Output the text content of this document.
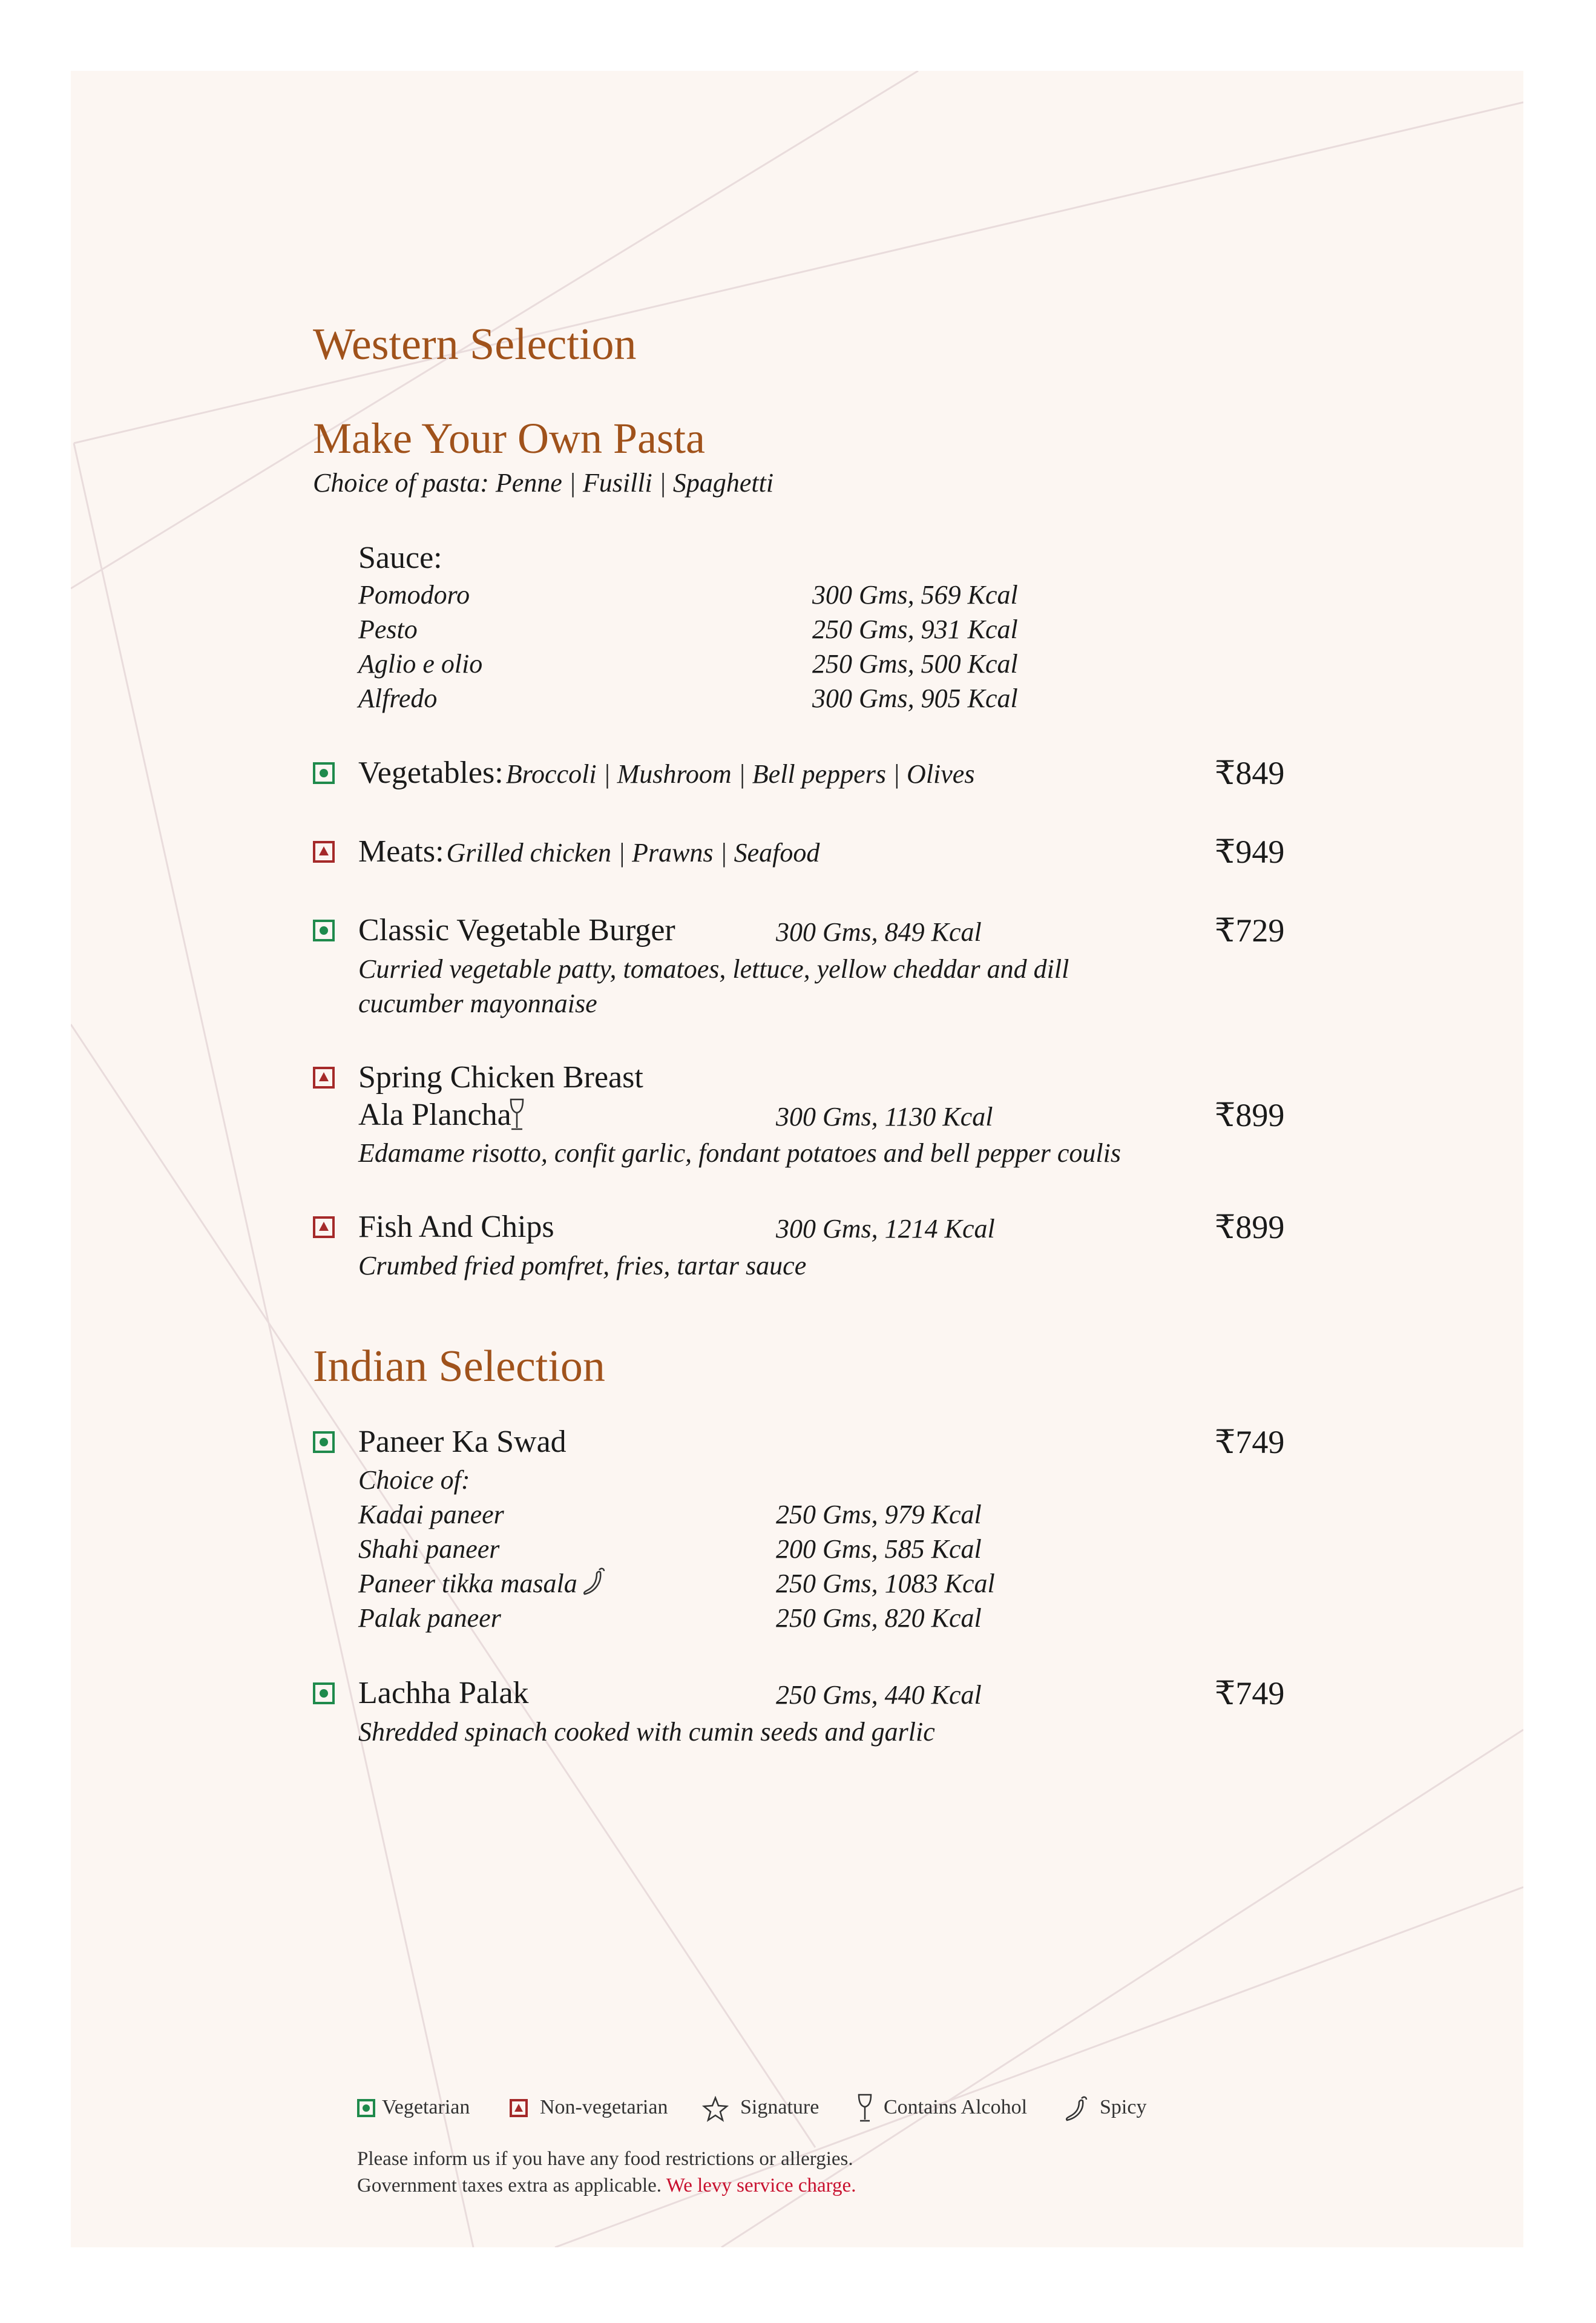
Western Selection
Make Your Own Pasta
Choice of pasta: Penne | Fusilli | Spaghetti
Sauce:
Pomodoro	300 Gms, 569 Kcal
Pesto	250 Gms, 931 Kcal
Aglio e olio	250 Gms, 500 Kcal
Alfredo	300 Gms, 905 Kcal
Vegetables: Broccoli | Mushroom | Bell peppers | Olives	₹849
Meats: Grilled chicken | Prawns | Seafood	₹949
Classic Vegetable Burger	300 Gms, 849 Kcal	₹729
Curried vegetable patty, tomatoes, lettuce, yellow cheddar and dill
cucumber mayonnaise
Spring Chicken Breast
Ala Plancha	300 Gms, 1130 Kcal	₹899
Edamame risotto, confit garlic, fondant potatoes and bell pepper coulis
Fish And Chips	300 Gms, 1214 Kcal	₹899
Crumbed fried pomfret, fries, tartar sauce
Indian Selection
Paneer Ka Swad	₹749
Choice of:
Kadai paneer	250 Gms, 979 Kcal
Shahi paneer	200 Gms, 585 Kcal
Paneer tikka masala	250 Gms, 1083 Kcal
Palak paneer	250 Gms, 820 Kcal
Lachha Palak	250 Gms, 440 Kcal	₹749
Shredded spinach cooked with cumin seeds and garlic
Vegetarian	Non-vegetarian	Signature	Contains Alcohol	Spicy
Please inform us if you have any food restrictions or allergies.
Government taxes extra as applicable. We levy service charge.
